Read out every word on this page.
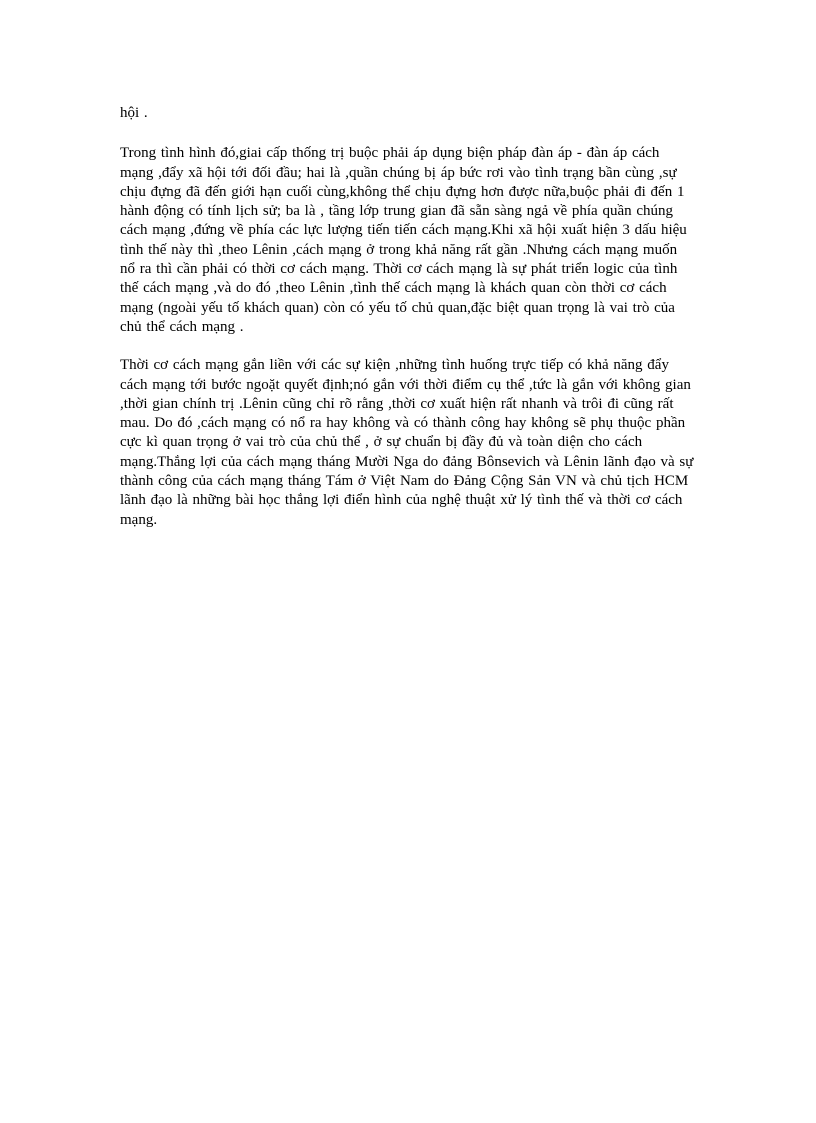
hội .

Trong tình hình đó,giai cấp thống trị buộc phải áp dụng biện pháp đàn áp - đàn áp cách mạng ,đẩy xã hội tới đối đầu; hai là ,quần chúng bị áp bức rơi vào tình trạng bần cùng ,sự chịu đựng đã đến giới hạn cuối cùng,không thể chịu đựng hơn được nữa,buộc phải đi đến 1 hành động có tính lịch sử; ba là , tầng lớp trung gian đã sẵn sàng ngả về phía quần chúng cách mạng ,đứng về phía các lực lượng tiến tiến cách mạng.Khi xã hội xuất hiện 3 dấu hiệu tình thế này thì ,theo Lênin ,cách mạng ở trong khả năng rất gần .Nhưng cách mạng muốn nổ ra thì cần phải có thời cơ cách mạng. Thời cơ cách mạng là sự phát triển logic của tình thế cách mạng ,và do đó ,theo Lênin ,tình thế cách mạng là khách quan còn thời cơ cách mạng (ngoài yếu tố khách quan) còn có yếu tố chủ quan,đặc biệt quan trọng là vai trò của chủ thể cách mạng .

Thời cơ cách mạng gắn liền với các sự kiện ,những tình huống trực tiếp có khả năng đẩy cách mạng tới bước ngoặt quyết định;nó gắn với thời điểm cụ thể ,tức là gắn với không gian ,thời gian chính trị .Lênin cũng chỉ rõ rằng ,thời cơ xuất hiện rất nhanh và trôi đi cũng rất mau. Do đó ,cách mạng có nổ ra hay không và có thành công hay không sẽ phụ thuộc phần cực kì quan trọng ở vai trò của chủ thể , ở sự chuẩn bị đầy đủ và toàn diện cho cách mạng.Thắng lợi của cách mạng tháng Mười Nga do đảng Bônsevich và Lênin lãnh đạo và sự thành công của cách mạng tháng Tám ở Việt Nam do Đảng Cộng Sản VN và chủ tịch HCM lãnh đạo là những bài học thắng lợi điển hình của nghệ thuật xử lý tình thế và thời cơ cách mạng.
